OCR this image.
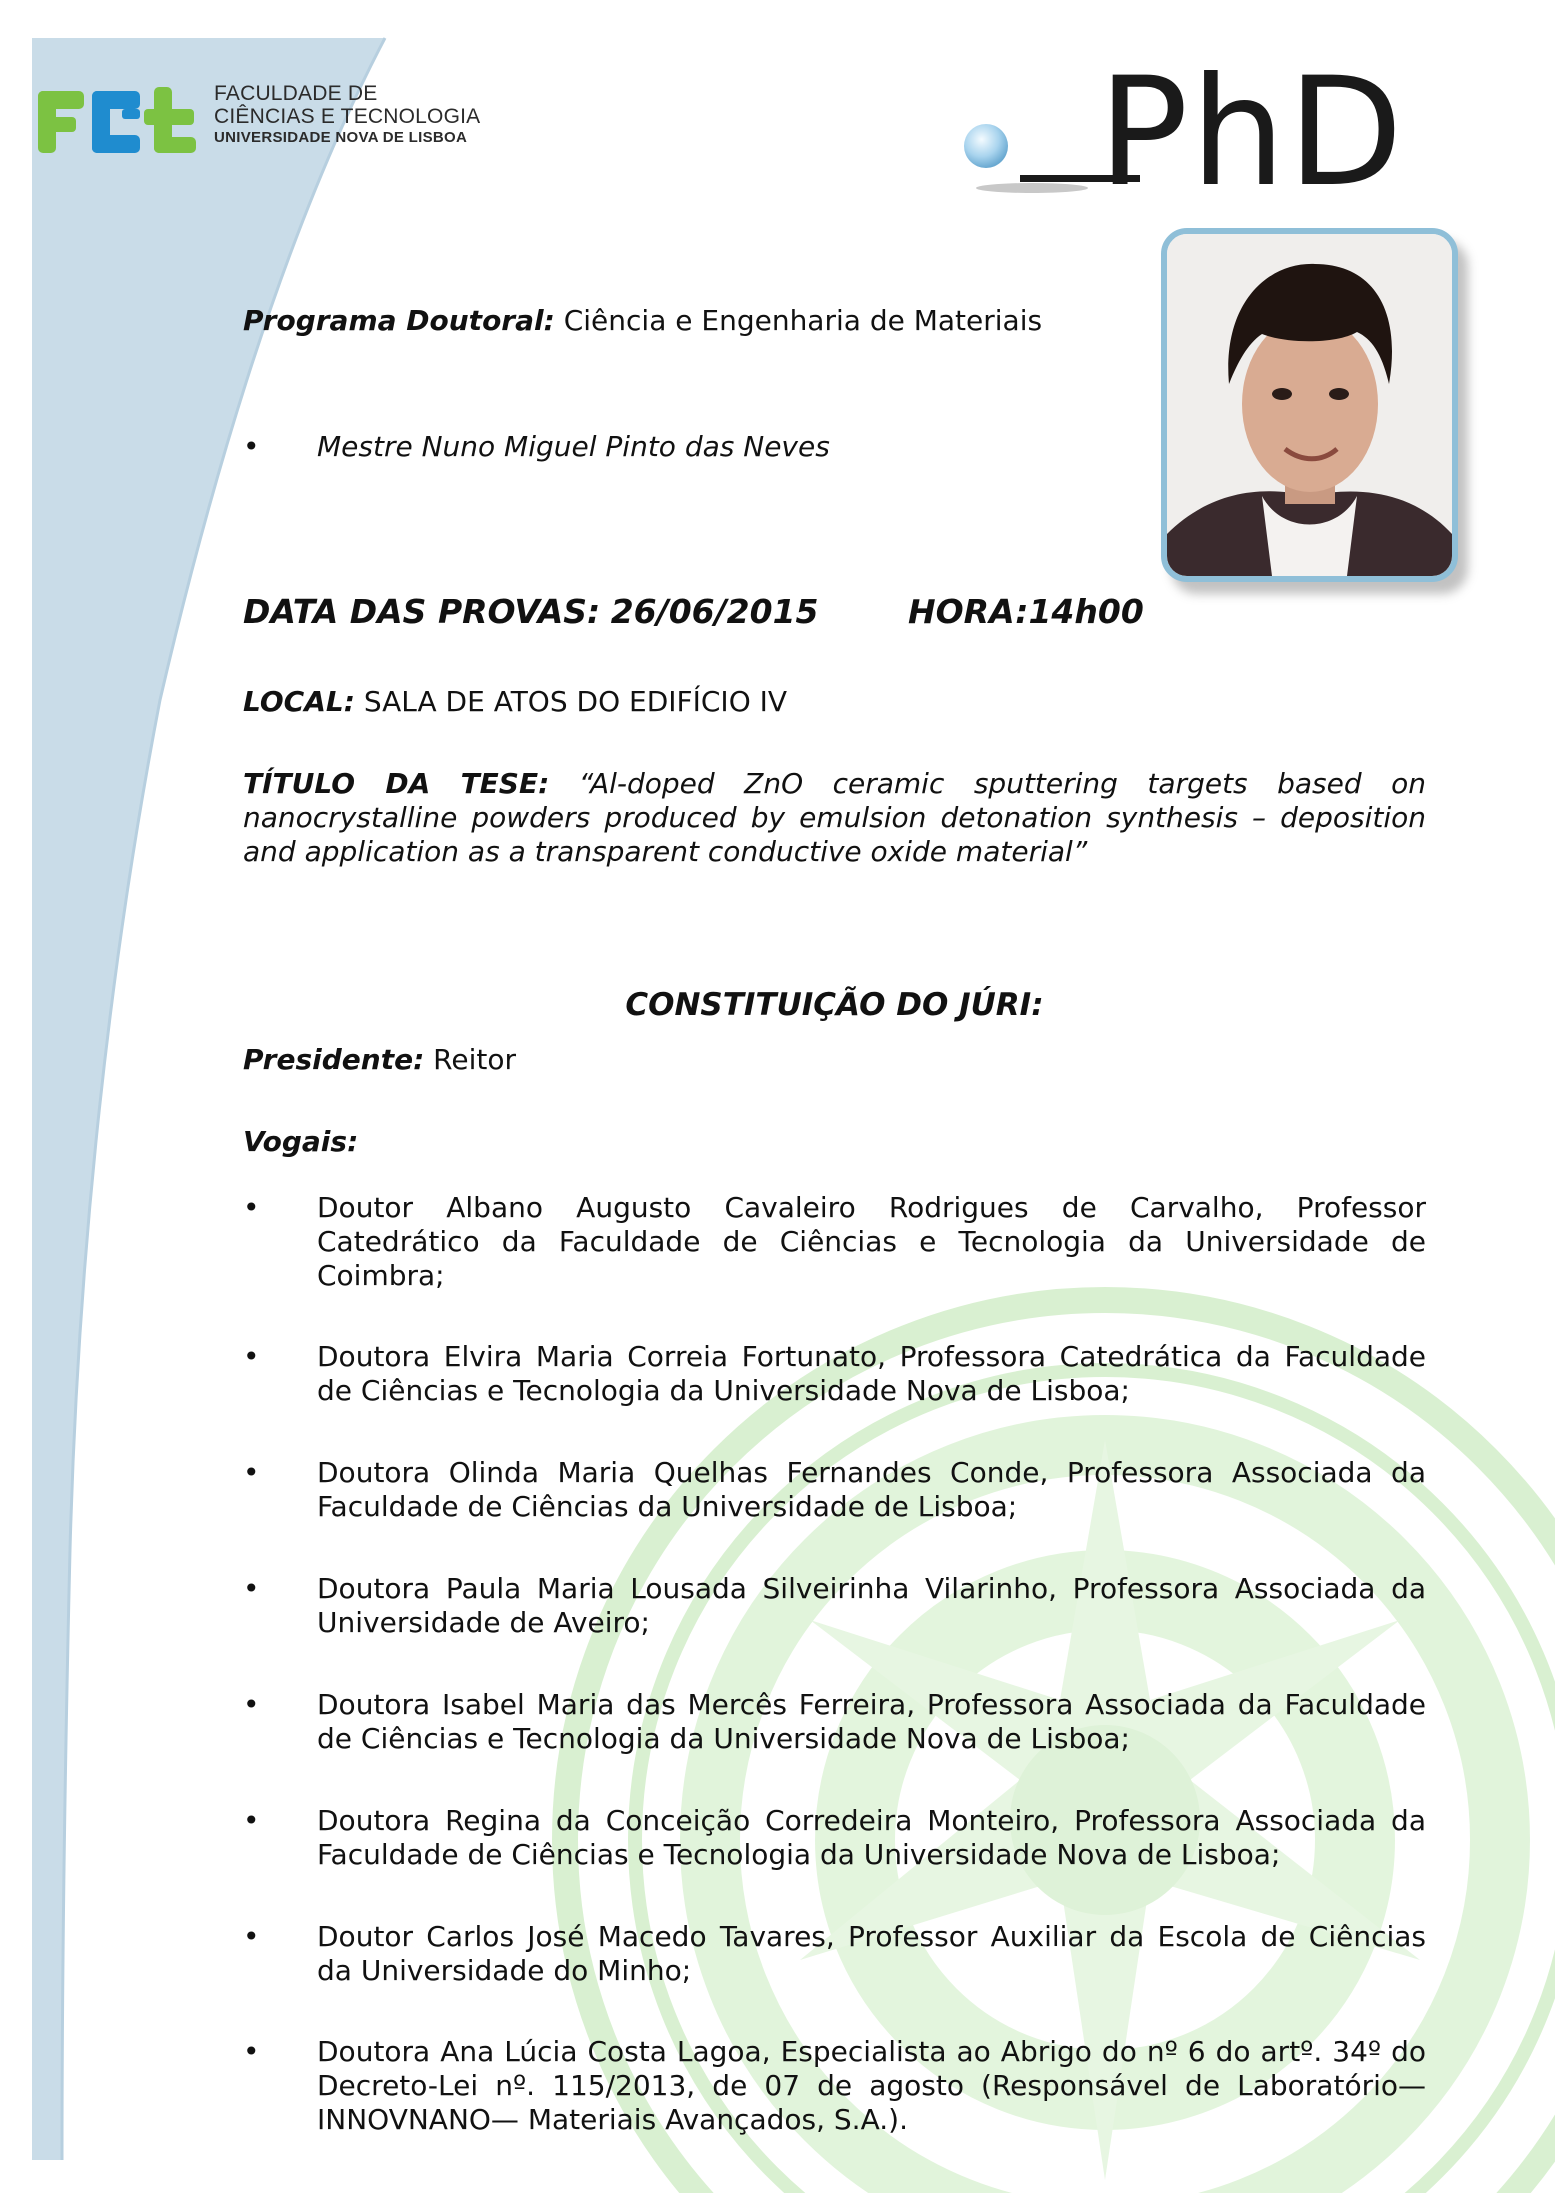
FACULDADE DE
CIÊNCIAS E TECNOLOGIA
UNIVERSIDADE NOVA DE LISBOA	PhD
Programa Doutoral: Ciência e Engenharia de Materiais
• Mestre Nuno Miguel Pinto das Neves
DATA DAS PROVAS: 26/06/2015	HORA:14h00
LOCAL: SALA DE ATOS DO EDIFÍCIO IV
TÍTULO DA TESE: “Al-doped ZnO ceramic sputtering targets based on nanocrystalline powders produced by emulsion detonation synthesis – deposition and application as a transparent conductive oxide material”
CONSTITUIÇÃO DO JÚRI:
Presidente: Reitor
Vogais:
• Doutor Albano Augusto Cavaleiro Rodrigues de Carvalho, Professor Catedrático da Faculdade de Ciências e Tecnologia da Universidade de Coimbra;
• Doutora Elvira Maria Correia Fortunato, Professora Catedrática da Faculdade de Ciências e Tecnologia da Universidade Nova de Lisboa;
• Doutora Olinda Maria Quelhas Fernandes Conde, Professora Associada da Faculdade de Ciências da Universidade de Lisboa;
• Doutora Paula Maria Lousada Silveirinha Vilarinho, Professora Associada da Universidade de Aveiro;
• Doutora Isabel Maria das Mercês Ferreira, Professora Associada da Faculdade de Ciências e Tecnologia da Universidade Nova de Lisboa;
• Doutora Regina da Conceição Corredeira Monteiro, Professora Associada da Faculdade de Ciências e Tecnologia da Universidade Nova de Lisboa;
• Doutor Carlos José Macedo Tavares, Professor Auxiliar da Escola de Ciências da Universidade do Minho;
• Doutora Ana Lúcia Costa Lagoa, Especialista ao Abrigo do nº 6 do artº. 34º do Decreto-Lei nº. 115/2013, de 07 de agosto (Responsável de Laboratório— INNOVNANO— Materiais Avançados, S.A.).
